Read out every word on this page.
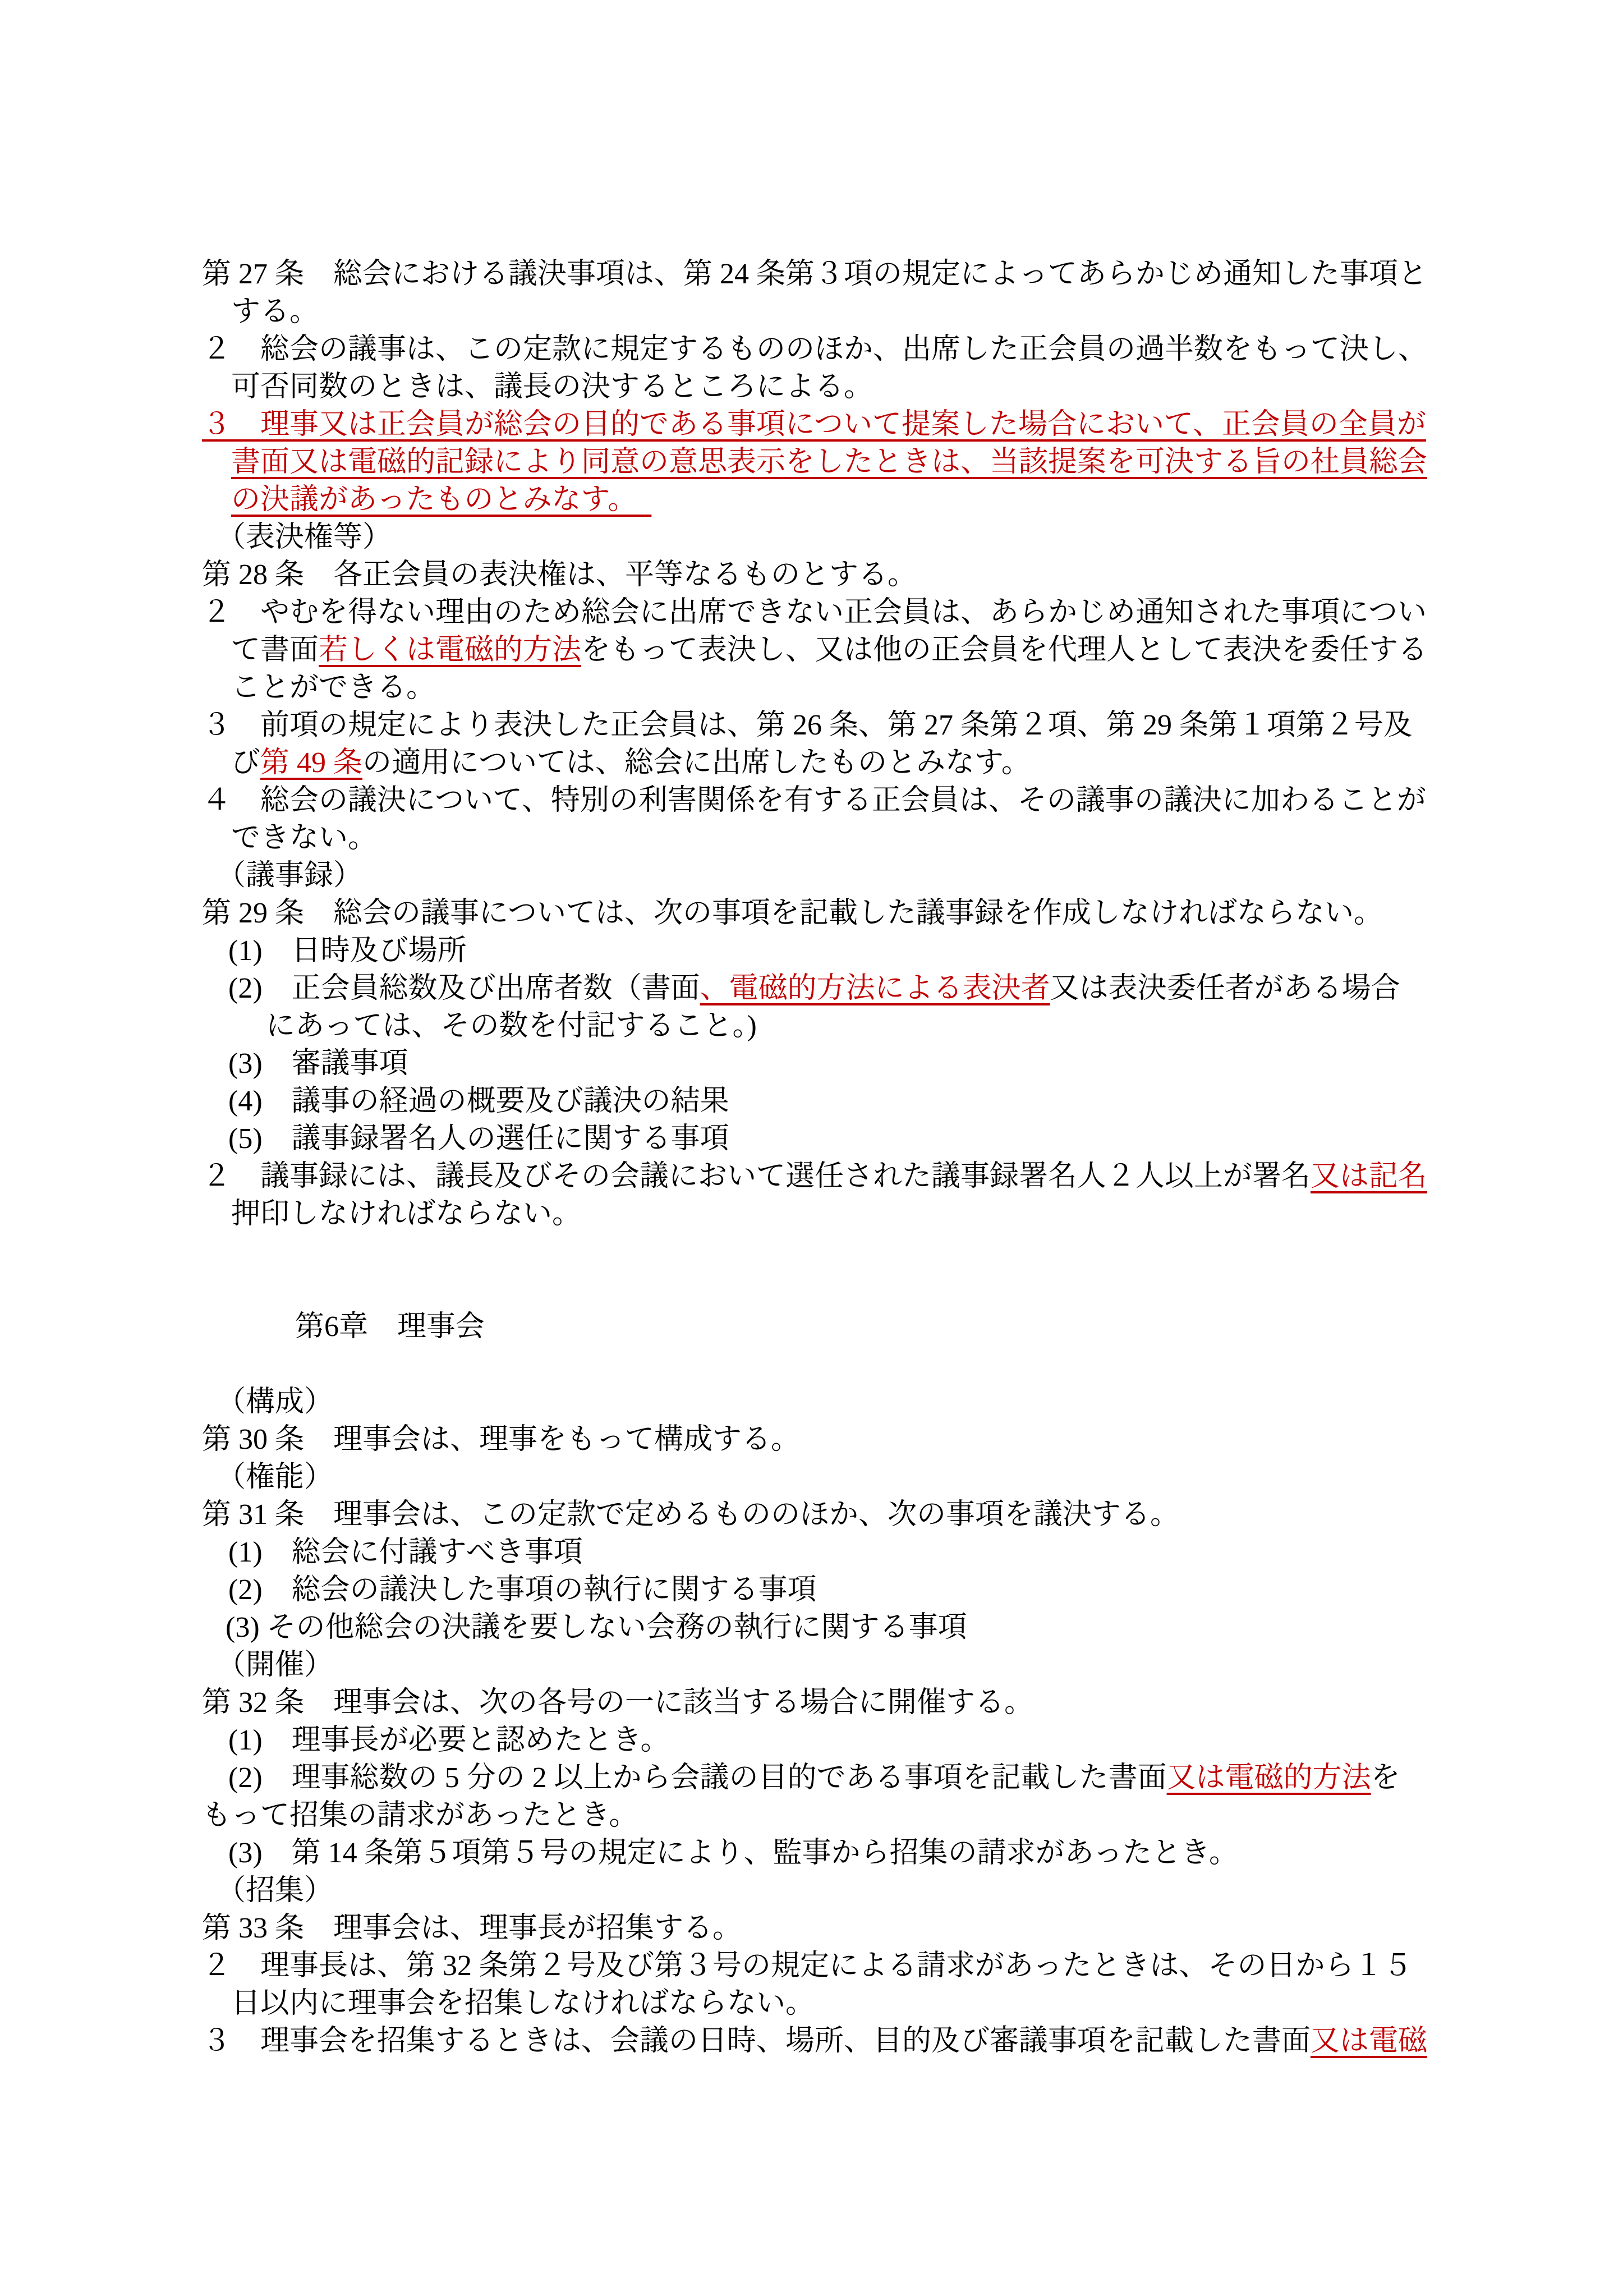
第 27 条　総会における議決事項は、第 24 条第３項の規定によってあらかじめ通知した事項と
する。
２　総会の議事は、この定款に規定するもののほか、出席した正会員の過半数をもって決し、
可否同数のときは、議長の決するところによる。
３　理事又は正会員が総会の目的である事項について提案した場合において、正会員の全員が
書面又は電磁的記録により同意の意思表示をしたときは、当該提案を可決する旨の社員総会
の決議があったものとみなす。　
（表決権等）
第 28 条　各正会員の表決権は、平等なるものとする。
２　やむを得ない理由のため総会に出席できない正会員は、あらかじめ通知された事項につい
て書面若しくは電磁的方法をもって表決し、又は他の正会員を代理人として表決を委任する
ことができる。
３　前項の規定により表決した正会員は、第 26 条、第 27 条第２項、第 29 条第１項第２号及
び第 49 条の適用については、総会に出席したものとみなす。
４　総会の議決について、特別の利害関係を有する正会員は、その議事の議決に加わることが
できない。
（議事録）
第 29 条　総会の議事については、次の事項を記載した議事録を作成しなければならない。
(1)　日時及び場所
(2)　正会員総数及び出席者数（書面、電磁的方法による表決者又は表決委任者がある場合
にあっては、その数を付記すること。)
(3)　審議事項
(4)　議事の経過の概要及び議決の結果
(5)　議事録署名人の選任に関する事項
２　議事録には、議長及びその会議において選任された議事録署名人２人以上が署名又は記名
押印しなければならない。
第6章　理事会
（構成）
第 30 条　理事会は、理事をもって構成する。
（権能）
第 31 条　理事会は、この定款で定めるもののほか、次の事項を議決する。
(1)　総会に付議すべき事項
(2)　総会の議決した事項の執行に関する事項
(3) その他総会の決議を要しない会務の執行に関する事項
（開催）
第 32 条　理事会は、次の各号の一に該当する場合に開催する。
(1)　理事長が必要と認めたとき。
(2)　理事総数の 5 分の 2 以上から会議の目的である事項を記載した書面又は電磁的方法を
もって招集の請求があったとき。
(3)　第 14 条第５項第５号の規定により、監事から招集の請求があったとき。
（招集）
第 33 条　理事会は、理事長が招集する。
２　理事長は、第 32 条第２号及び第３号の規定による請求があったときは、その日から１５
日以内に理事会を招集しなければならない。
３　理事会を招集するときは、会議の日時、場所、目的及び審議事項を記載した書面又は電磁
